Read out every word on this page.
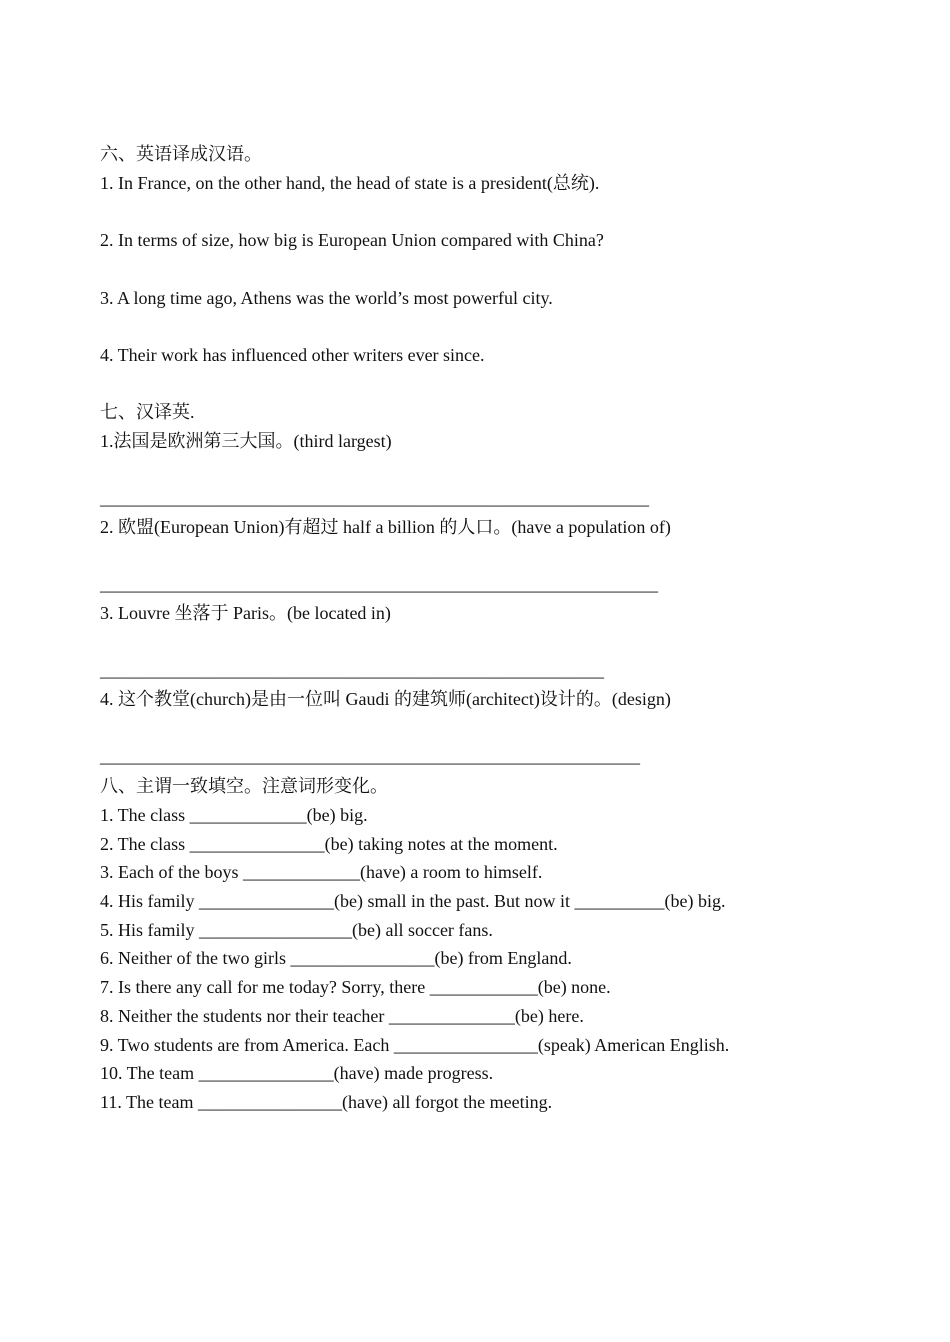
六、英语译成汉语。
1. In France, on the other hand, the head of state is a president(总统).
2. In terms of size, how big is European Union compared with China?
3. A long time ago, Athens was the world’s most powerful city.
4. Their work has influenced other writers ever since.
七、汉译英.
1.法国是欧洲第三大国。(third largest)
_____________________________________________________________
2. 欧盟(European Union)有超过 half a billion 的人口。(have a population of)
______________________________________________________________
3. Louvre 坐落于 Paris。(be located in)
________________________________________________________
4. 这个教堂(church)是由一位叫 Gaudi 的建筑师(architect)设计的。(design)
____________________________________________________________
八、主谓一致填空。注意词形变化。
1. The class _____________(be) big.
2. The class _______________(be) taking notes at the moment.
3. Each of the boys _____________(have) a room to himself.
4. His family _______________(be) small in the past. But now it __________(be) big.
5. His family _________________(be) all soccer fans.
6. Neither of the two girls ________________(be) from England.
7. Is there any call for me today? Sorry, there ____________(be) none.
8. Neither the students nor their teacher ______________(be) here.
9. Two students are from America. Each ________________(speak) American English.
10. The team _______________(have) made progress.
11. The team ________________(have) all forgot the meeting.
